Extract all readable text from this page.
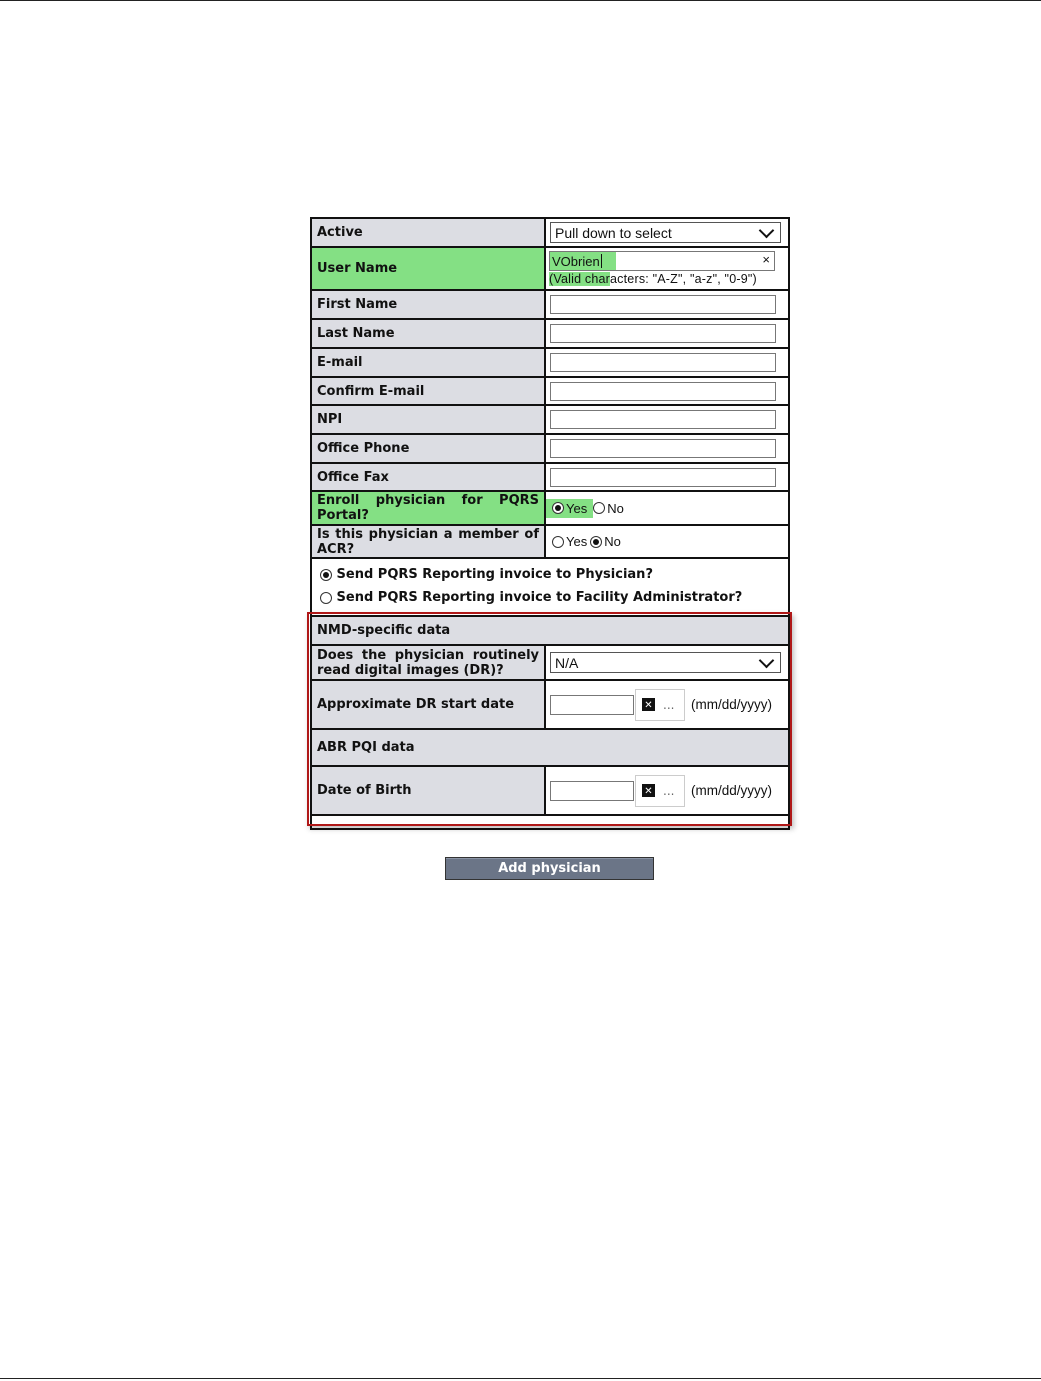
Active	Pull down to select
User Name	VObrien	×
(Valid characters: "A-Z", "a-z", "0-9")
First Name
Last Name
E-mail
Confirm E-mail
NPI
Office Phone
Office Fax
Enroll physician for PQRS Portal?	Yes	No
Is this physician a member of ACR?	Yes No
Send PQRS Reporting invoice to Physician?
Send PQRS Reporting invoice to Facility Administrator?
NMD-specific data
Does the physician routinely read digital images (DR)?	N/A
Approximate DR start date	✕ ... (mm/dd/yyyy)
ABR PQI data
Date of Birth	✕ ... (mm/dd/yyyy)
Add physician
